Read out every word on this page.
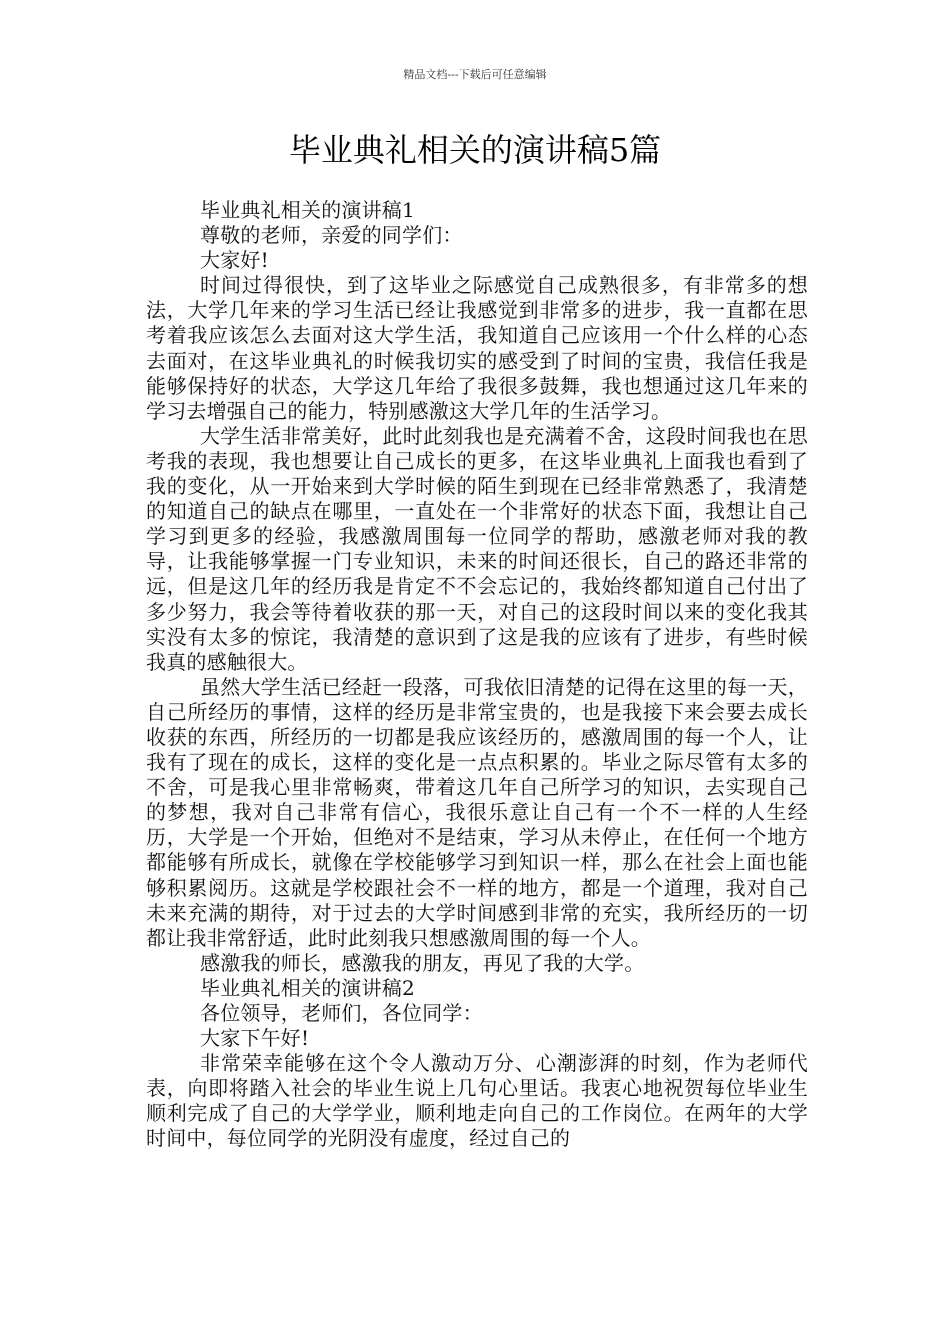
精品文档---下载后可任意编辑
毕业典礼相关的演讲稿5篇

毕业典礼相关的演讲稿1

尊敬的老师，亲爱的同学们：

大家好!

时间过得很快，到了这毕业之际感觉自己成熟很多，有非常多的想法，大学几年来的学习生活已经让我感觉到非常多的进步，我一直都在思考着我应该怎么去面对这大学生活，我知道自己应该用一个什么样的心态去面对，在这毕业典礼的时候我切实的感受到了时间的宝贵，我信任我是能够保持好的状态，大学这几年给了我很多鼓舞，我也想通过这几年来的学习去增强自己的能力，特别感激这大学几年的生活学习。

大学生活非常美好，此时此刻我也是充满着不舍，这段时间我也在思考我的表现，我也想要让自己成长的更多，在这毕业典礼上面我也看到了我的变化，从一开始来到大学时候的陌生到现在已经非常熟悉了，我清楚的知道自己的缺点在哪里，一直处在一个非常好的状态下面，我想让自己学习到更多的经验，我感激周围每一位同学的帮助，感激老师对我的教导，让我能够掌握一门专业知识，未来的时间还很长，自己的路还非常的远，但是这几年的经历我是肯定不不会忘记的，我始终都知道自己付出了多少努力，我会等待着收获的那一天，对自己的这段时间以来的变化我其实没有太多的惊诧，我清楚的意识到了这是我的应该有了进步，有些时候我真的感触很大。

虽然大学生活已经赶一段落，可我依旧清楚的记得在这里的每一天，自己所经历的事情，这样的经历是非常宝贵的，也是我接下来会要去成长收获的东西，所经历的一切都是我应该经历的，感激周围的每一个人，让我有了现在的成长，这样的变化是一点点积累的。毕业之际尽管有太多的不舍，可是我心里非常畅爽，带着这几年自己所学习的知识，去实现自己的梦想，我对自己非常有信心，我很乐意让自己有一个不一样的人生经历，大学是一个开始，但绝对不是结束，学习从未停止，在任何一个地方都能够有所成长，就像在学校能够学习到知识一样，那么在社会上面也能够积累阅历。这就是学校跟社会不一样的地方，都是一个道理，我对自己未来充满的期待，对于过去的大学时间感到非常的充实，我所经历的一切都让我非常舒适，此时此刻我只想感激周围的每一个人。

感激我的师长，感激我的朋友，再见了我的大学。

毕业典礼相关的演讲稿2

各位领导，老师们，各位同学：

大家下午好!

非常荣幸能够在这个令人激动万分、心潮澎湃的时刻，作为老师代表，向即将踏入社会的毕业生说上几句心里话。我衷心地祝贺每位毕业生顺利完成了自己的大学学业，顺利地走向自己的工作岗位。在两年的大学时间中，每位同学的光阴没有虚度，经过自己的
